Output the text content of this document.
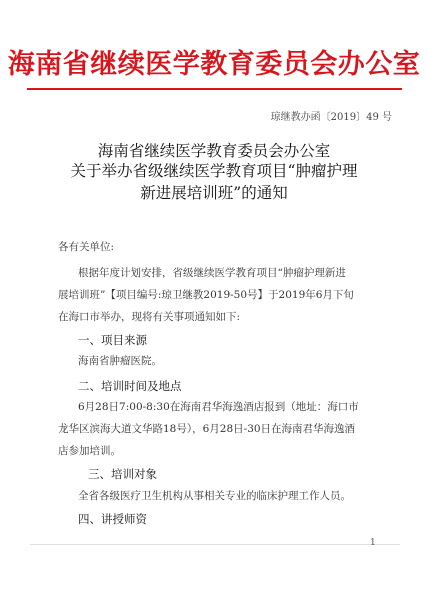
海南省继续医学教育委员会办公室
琼继教办函〔2019〕49 号
海南省继续医学教育委员会办公室
关于举办省级继续医学教育项目“肿瘤护理
新进展培训班”的通知
各有关单位:
根据年度计划安排，省级继续医学教育项目“肿瘤护理新进
展培训班”【项目编号:琼卫继教2019-50号】于2019年6月下旬
在海口市举办，现将有关事项通知如下:
一、项目来源
海南省肿瘤医院。
二、培训时间及地点
6月28日7:00-8:30在海南君华海逸酒店报到（地址：海口市
龙华区滨海大道文华路18号），6月28日-30日在海南君华海逸酒
店参加培训。
三、培训对象
全省各级医疗卫生机构从事相关专业的临床护理工作人员。
四、讲授师资
1
